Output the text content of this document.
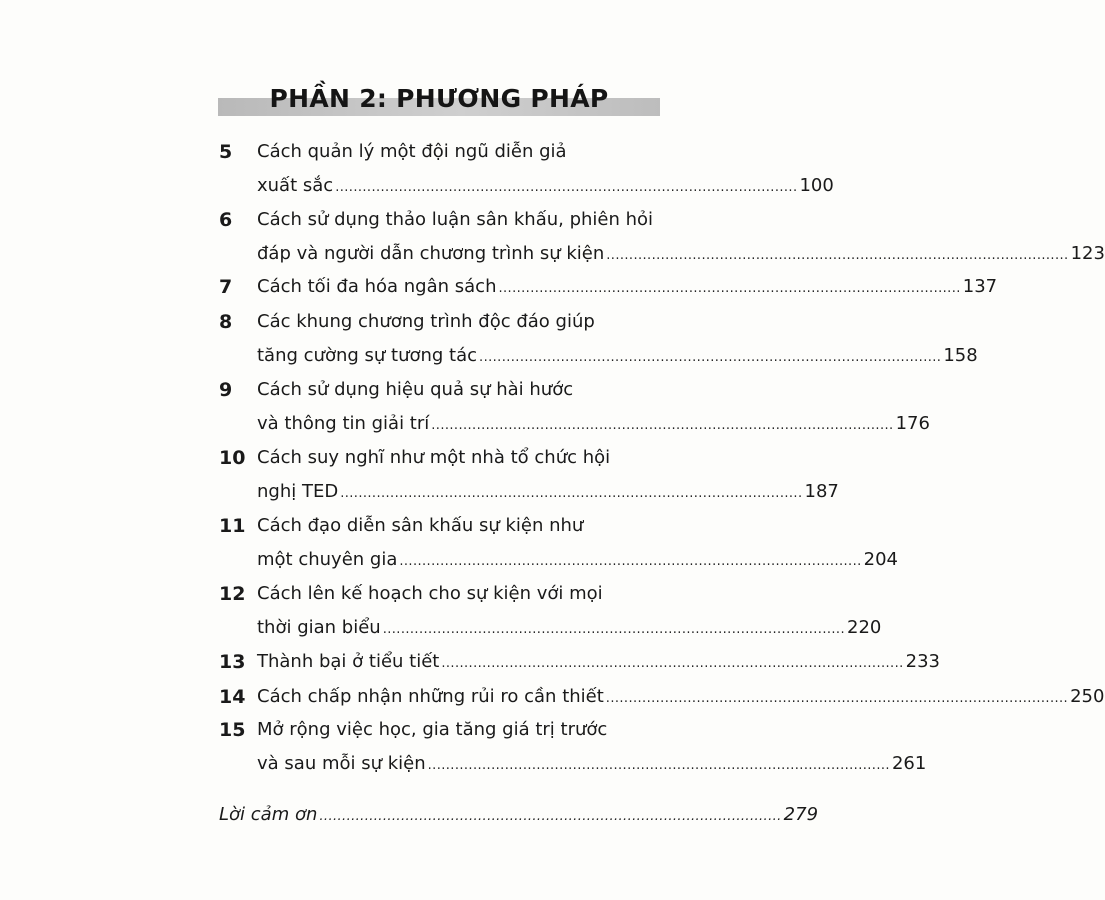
PHẦN 2: PHƯƠNG PHÁP
5 Cách quản lý một đội ngũ diễn giả
xuất sắc ...................................................................................................... 100
6 Cách sử dụng thảo luận sân khấu, phiên hỏi
đáp và người dẫn chương trình sự kiện ...................................................................................................... 123
7 Cách tối đa hóa ngân sách ...................................................................................................... 137
8 Các khung chương trình độc đáo giúp
tăng cường sự tương tác ...................................................................................................... 158
9 Cách sử dụng hiệu quả sự hài hước
và thông tin giải trí ...................................................................................................... 176
10 Cách suy nghĩ như một nhà tổ chức hội
nghị TED ...................................................................................................... 187
11 Cách đạo diễn sân khấu sự kiện như
một chuyên gia ...................................................................................................... 204
12 Cách lên kế hoạch cho sự kiện với mọi
thời gian biểu ...................................................................................................... 220
13 Thành bại ở tiểu tiết ...................................................................................................... 233
14 Cách chấp nhận những rủi ro cần thiết ...................................................................................................... 250
15 Mở rộng việc học, gia tăng giá trị trước
và sau mỗi sự kiện ...................................................................................................... 261
Lời cảm ơn ...................................................................................................... 279
